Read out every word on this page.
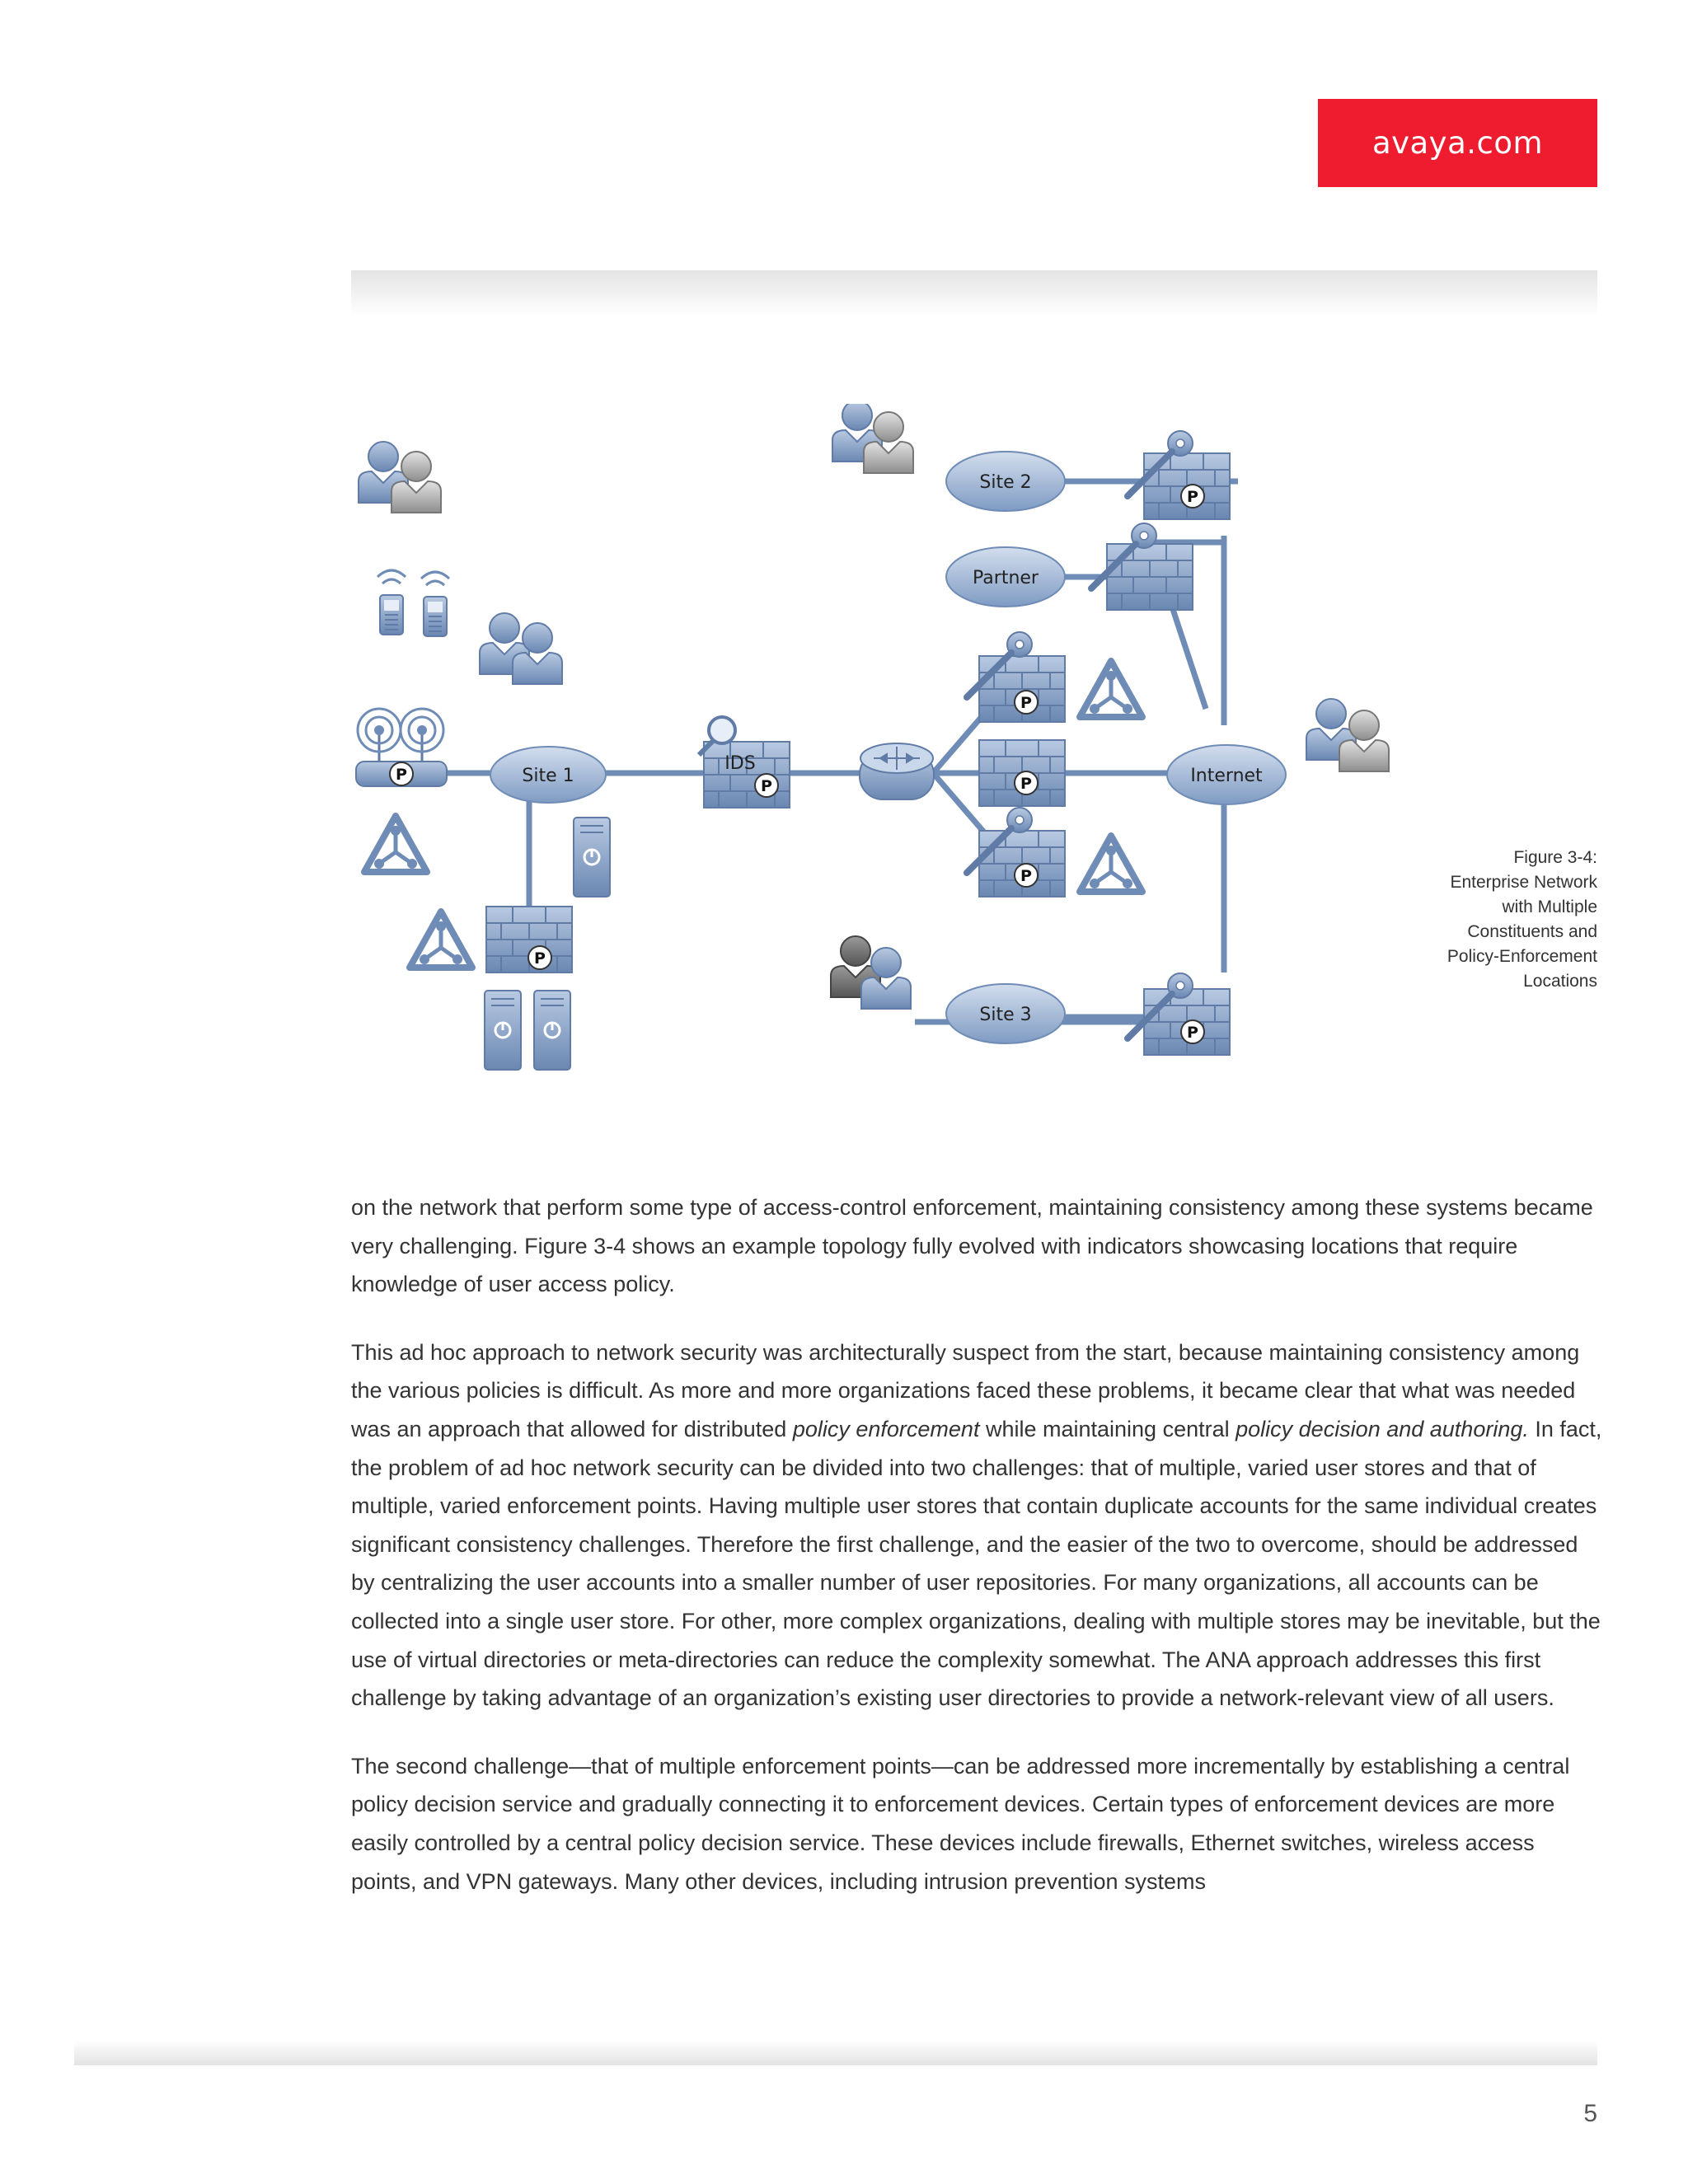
avaya.com
P	Site 1
P
IDS
P
P
P
P
Site 2
P
Partner
Internet
Site 3
P
Figure 3-4:
Enterprise Network
with Multiple
Constituents and
Policy-Enforcement
Locations

on the network that perform some type of access-control enforcement, maintaining consistency among these systems became very challenging. Figure 3-4 shows an example topology fully evolved with indicators showcasing locations that require knowledge of user access policy.

This ad hoc approach to network security was architecturally suspect from the start, because maintaining consistency among the various policies is difficult. As more and more organizations faced these problems, it became clear that what was needed was an approach that allowed for distributed policy enforcement while maintaining central policy decision and authoring. In fact, the problem of ad hoc network security can be divided into two challenges: that of multiple, varied user stores and that of multiple, varied enforcement points. Having multiple user stores that contain duplicate accounts for the same individual creates significant consistency challenges. Therefore the first challenge, and the easier of the two to overcome, should be addressed by centralizing the user accounts into a smaller number of user repositories. For many organizations, all accounts can be collected into a single user store. For other, more complex organizations, dealing with multiple stores may be inevitable, but the use of virtual directories or meta-directories can reduce the complexity somewhat. The ANA approach addresses this first challenge by taking advantage of an organization’s existing user directories to provide a network-relevant view of all users.

The second challenge—that of multiple enforcement points—can be addressed more incrementally by establishing a central policy decision service and gradually connecting it to enforcement devices. Certain types of enforcement devices are more easily controlled by a central policy decision service. These devices include firewalls, Ethernet switches, wireless access points, and VPN gateways. Many other devices, including intrusion prevention systems

5
